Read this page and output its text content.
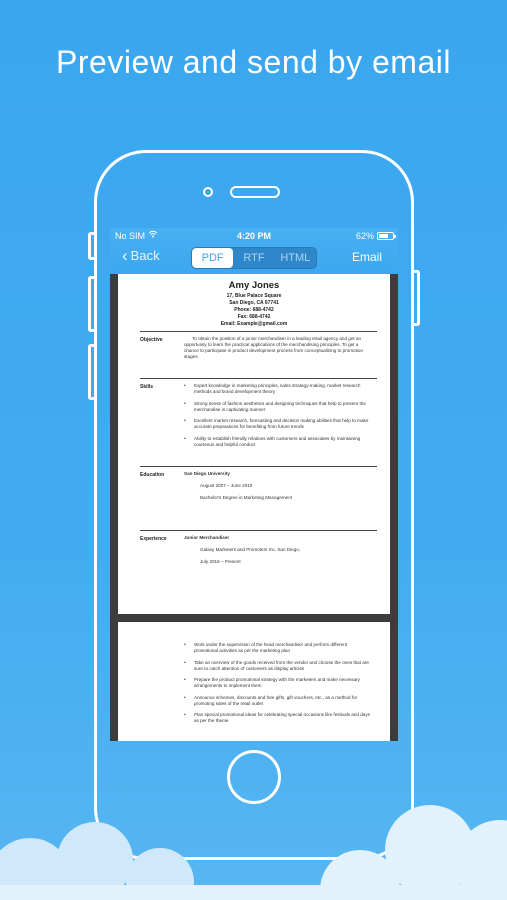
Preview and send by email
No SIM	4:20 PM	62%
‹ Back	PDF	RTF	HTML	Email
Amy Jones
17, Blue Palace Square
San Diego, CA 67741
Phone: 688-4742
Fax: 688-4742
Email: Example@gmail.com
Objective	To obtain the position of a junior merchandiser in a leading retail agency and get an opportunity to learn the practical applications of the merchandising principles. To get a chance to participate in product development process from conceptualizing to promotion stages.
Skills
•	Expert knowledge in marketing principles, sales strategy-making, market research methods and brand development theory
• Strong sense of fashion aesthetics and designing techniques that help to present the merchandise in captivating manner
• Excellent market research, forecasting and decision making abilities that help to make accurate preparations for benefiting from future trends
• Ability to establish friendly relations with customers and associates by maintaining courteous and helpful conduct
Education	San Diego University
August 2007 – June 2010
Bachelor's Degree in Marketing Management
Experience	Junior Merchandiser
Galaxy Marketers and Promoters Inc, San Diego,
July 2016 – Present
• Work under the supervision of the head merchandiser and perform different promotional activities as per the marketing plan
• Take an overview of the goods received from the vendor and choose the ones that are sure to catch attention of customers as display articles
• Prepare the product promotional strategy with the marketers and make necessary arrangements to implement them
• Announce schemes, discounts and free gifts, gift vouchers, etc., as a method for promoting sales of the retail outlet
• Plan special promotional ideas for celebrating special occasions like festivals and days as per the theme
